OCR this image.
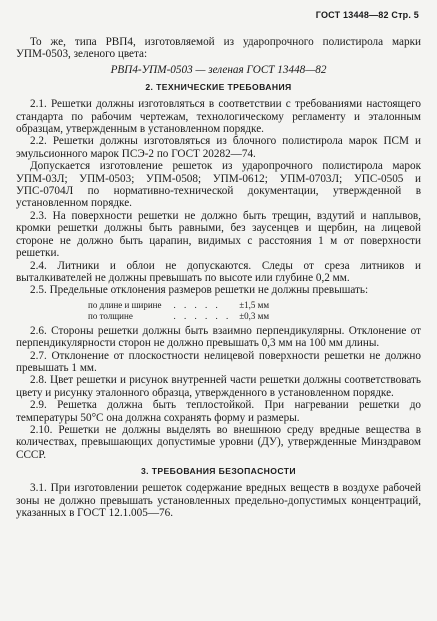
ГОСТ 13448—82 Стр. 5

То же, типа РВП4, изготовляемой из ударопрочного полистирола марки УПМ-0503, зеленого цвета:

РВП4-УПМ-0503 — зеленая ГОСТ 13448—82

2. ТЕХНИЧЕСКИЕ ТРЕБОВАНИЯ

2.1. Решетки должны изготовляться в соответствии с требованиями настоящего стандарта по рабочим чертежам, технологическому регламенту и эталонным образцам, утвержденным в установленном порядке.

2.2. Решетки должны изготовляться из блочного полистирола марок ПСМ и эмульсионного марок ПСЭ-2 по ГОСТ 20282—74.

Допускается изготовление решеток из ударопрочного полистирола марок УПМ-03Л; УПМ-0503; УПМ-0508; УПМ-0612; УПМ-0703Л; УПС-0505 и УПС-0704Л по нормативно-технической документации, утвержденной в установленном порядке.

2.3. На поверхности решетки не должно быть трещин, вздутий и наплывов, кромки решетки должны быть равными, без заусенцев и щербин, на лицевой стороне не должно быть царапин, видимых с расстояния 1 м от поверхности решетки.

2.4. Литники и облои не допускаются. Следы от среза литников и выталкивателей не должны превышать по высоте или глубине 0,2 мм.

2.5. Предельные отклонения размеров решетки не должны превышать:

по длине и ширине	. . . . .	±1,5 мм
по толщине	. . . . . .	±0,3 мм

2.6. Стороны решетки должны быть взаимно перпендикулярны. Отклонение от перпендикулярности сторон не должно превышать 0,3 мм на 100 мм длины.

2.7. Отклонение от плоскостности нелицевой поверхности решетки не должно превышать 1 мм.

2.8. Цвет решетки и рисунок внутренней части решетки должны соответствовать цвету и рисунку эталонного образца, утвержденного в установленном порядке.

2.9. Решетка должна быть теплостойкой. При нагревании решетки до температуры 50°С она должна сохранять форму и размеры.

2.10. Решетки не должны выделять во внешнюю среду вредные вещества в количествах, превышающих допустимые уровни (ДУ), утвержденные Минздравом СССР.

3. ТРЕБОВАНИЯ БЕЗОПАСНОСТИ

3.1. При изготовлении решеток содержание вредных веществ в воздухе рабочей зоны не должно превышать установленных предельно-допустимых концентраций, указанных в ГОСТ 12.1.005—76.
